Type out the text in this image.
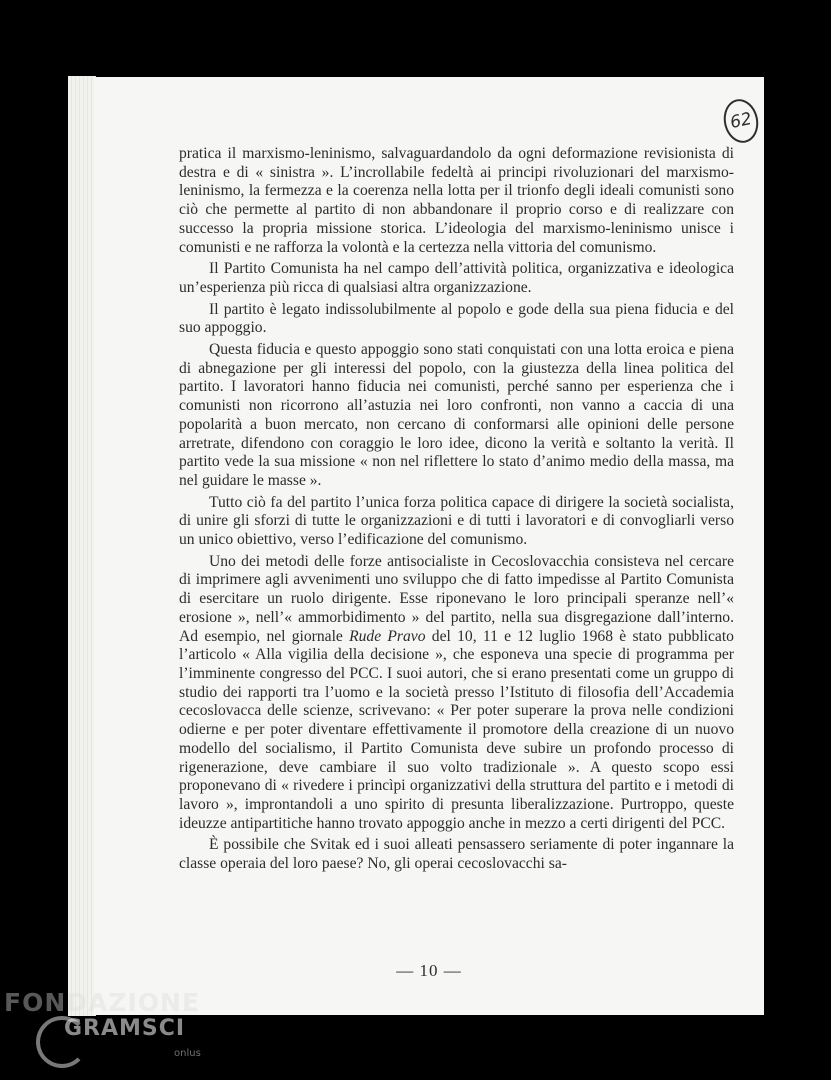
62

pratica il marxismo-leninismo, salvaguardandolo da ogni deformazione revisionista di destra e di « sinistra ». L’incrollabile fedeltà ai principi rivoluzionari del marxismo-leninismo, la fermezza e la coerenza nella lotta per il trionfo degli ideali comunisti sono ciò che permette al partito di non abbandonare il proprio corso e di realizzare con successo la propria missione storica. L’ideologia del marxismo-leninismo unisce i comunisti e ne rafforza la volontà e la certezza nella vittoria del comunismo.

Il Partito Comunista ha nel campo dell’attività politica, organizzativa e ideologica un’esperienza più ricca di qualsiasi altra organizzazione.

Il partito è legato indissolubilmente al popolo e gode della sua piena fiducia e del suo appoggio.

Questa fiducia e questo appoggio sono stati conquistati con una lotta eroica e piena di abnegazione per gli interessi del popolo, con la giustezza della linea politica del partito. I lavoratori hanno fiducia nei comunisti, perché sanno per esperienza che i comunisti non ricorrono all’astuzia nei loro confronti, non vanno a caccia di una popolarità a buon mercato, non cercano di conformarsi alle opinioni delle persone arretrate, difendono con coraggio le loro idee, dicono la verità e soltanto la verità. Il partito vede la sua missione « non nel riflettere lo stato d’animo medio della massa, ma nel guidare le masse ».

Tutto ciò fa del partito l’unica forza politica capace di dirigere la società socialista, di unire gli sforzi di tutte le organizzazioni e di tutti i lavoratori e di convogliarli verso un unico obiettivo, verso l’edificazione del comunismo.

Uno dei metodi delle forze antisocialiste in Cecoslovacchia consisteva nel cercare di imprimere agli avvenimenti uno sviluppo che di fatto impedisse al Partito Comunista di esercitare un ruolo dirigente. Esse riponevano le loro principali speranze nell’« erosione », nell’« ammorbidimento » del partito, nella sua disgregazione dall’interno. Ad esempio, nel giornale Rude Pravo del 10, 11 e 12 luglio 1968 è stato pubblicato l’articolo « Alla vigilia della decisione », che esponeva una specie di programma per l’imminente congresso del PCC. I suoi autori, che si erano presentati come un gruppo di studio dei rapporti tra l’uomo e la società presso l’Istituto di filosofia dell’Accademia cecoslovacca delle scienze, scrivevano: « Per poter superare la prova nelle condizioni odierne e per poter diventare effettivamente il promotore della creazione di un nuovo modello del socialismo, il Partito Comunista deve subire un profondo processo di rigenerazione, deve cambiare il suo volto tradizionale ». A questo scopo essi proponevano di « rivedere i princìpi organizzativi della struttura del partito e i metodi di lavoro », improntandoli a uno spirito di presunta liberalizzazione. Purtroppo, queste ideuzze antipartitiche hanno trovato appoggio anche in mezzo a certi dirigenti del PCC.

È possibile che Svitak ed i suoi alleati pensassero seriamente di poter ingannare la classe operaia del loro paese? No, gli operai cecoslovacchi sa-

— 10 —
FONDAZIONE
GRAMSCI
onlus
